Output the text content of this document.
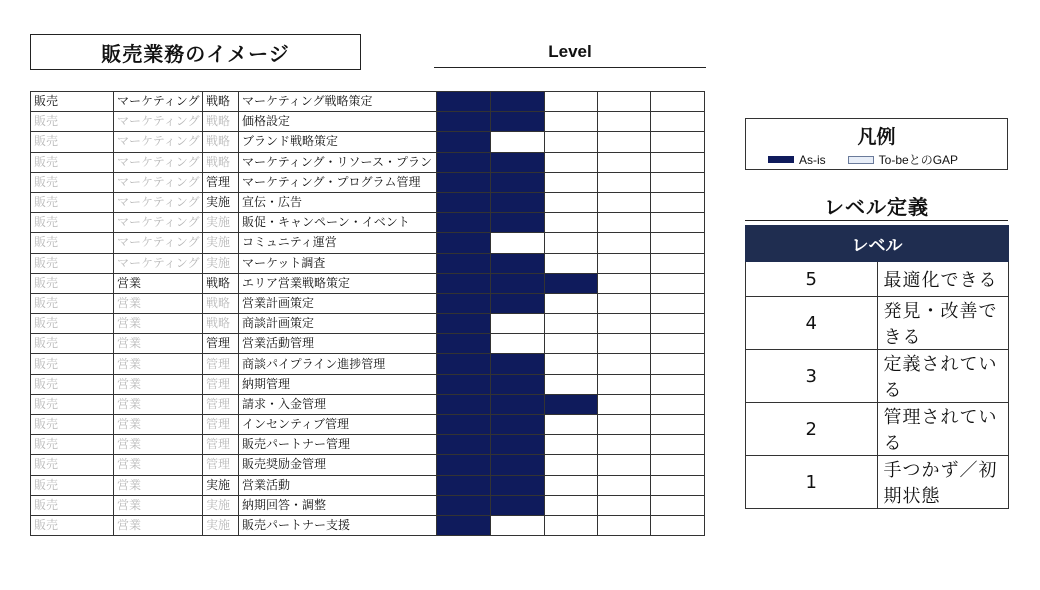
販売業務のイメージ	Level
販売	マーケティング	戦略	マーケティング戦略策定					
販売	マーケティング	戦略	価格設定					
販売	マーケティング	戦略	ブランド戦略策定					
販売	マーケティング	戦略	マーケティング・リソース・プラン					
販売	マーケティング	管理	マーケティング・プログラム管理					
販売	マーケティング	実施	宣伝・広告					
販売	マーケティング	実施	販促・キャンペーン・イベント					
販売	マーケティング	実施	コミュニティ運営					
販売	マーケティング	実施	マーケット調査					
販売	営業	戦略	エリア営業戦略策定					
販売	営業	戦略	営業計画策定					
販売	営業	戦略	商談計画策定					
販売	営業	管理	営業活動管理					
販売	営業	管理	商談パイプライン進捗管理					
販売	営業	管理	納期管理					
販売	営業	管理	請求・入金管理					
販売	営業	管理	インセンティブ管理					
販売	営業	管理	販売パートナー管理					
販売	営業	管理	販売奨励金管理					
販売	営業	実施	営業活動					
販売	営業	実施	納期回答・調整					
販売	営業	実施	販売パートナー支援					
凡例
As-is	To-beとのGAP
レベル定義
レベル	
5	最適化できる
4	発見・改善できる
3	定義されている
2	管理されている
1	手つかず／初期状態
